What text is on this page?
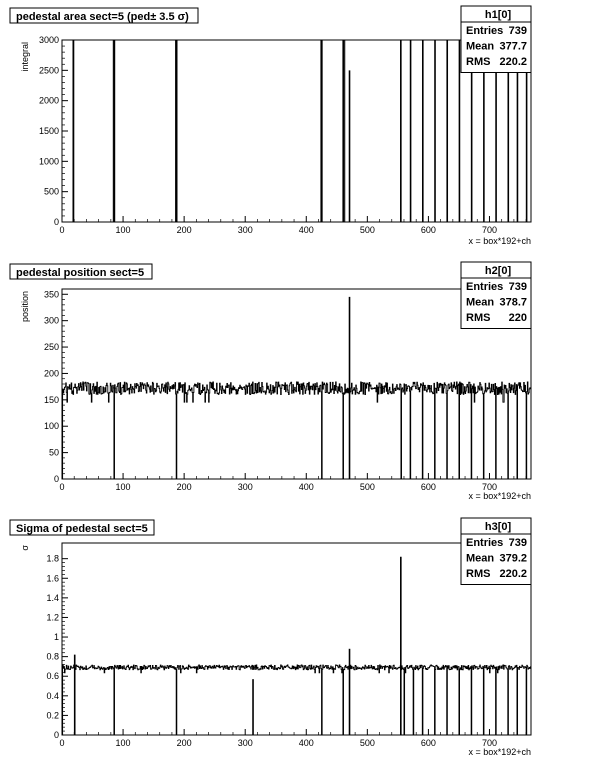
pedestal area sect=5 (ped± 3.5 σ)
integral
x = box*192+ch
0
500
1000
1500
2000
2500
3000
0	100	200	300	400	500	600	700
h1[0]
Entries 739
Mean 377.7
RMS 220.2
pedestal position sect=5
position
x = box*192+ch
0
50
100
150
200
250
300
350
0	100	200	300	400	500	600	700
h2[0]
Entries 739
Mean 378.7
RMS 220
Sigma of pedestal sect=5
σ
x = box*192+ch
0
0.2
0.4
0.6
0.8
1
1.2
1.4
1.6
1.8
0	100	200	300	400	500	600	700
h3[0]
Entries 739
Mean 379.2
RMS 220.2
